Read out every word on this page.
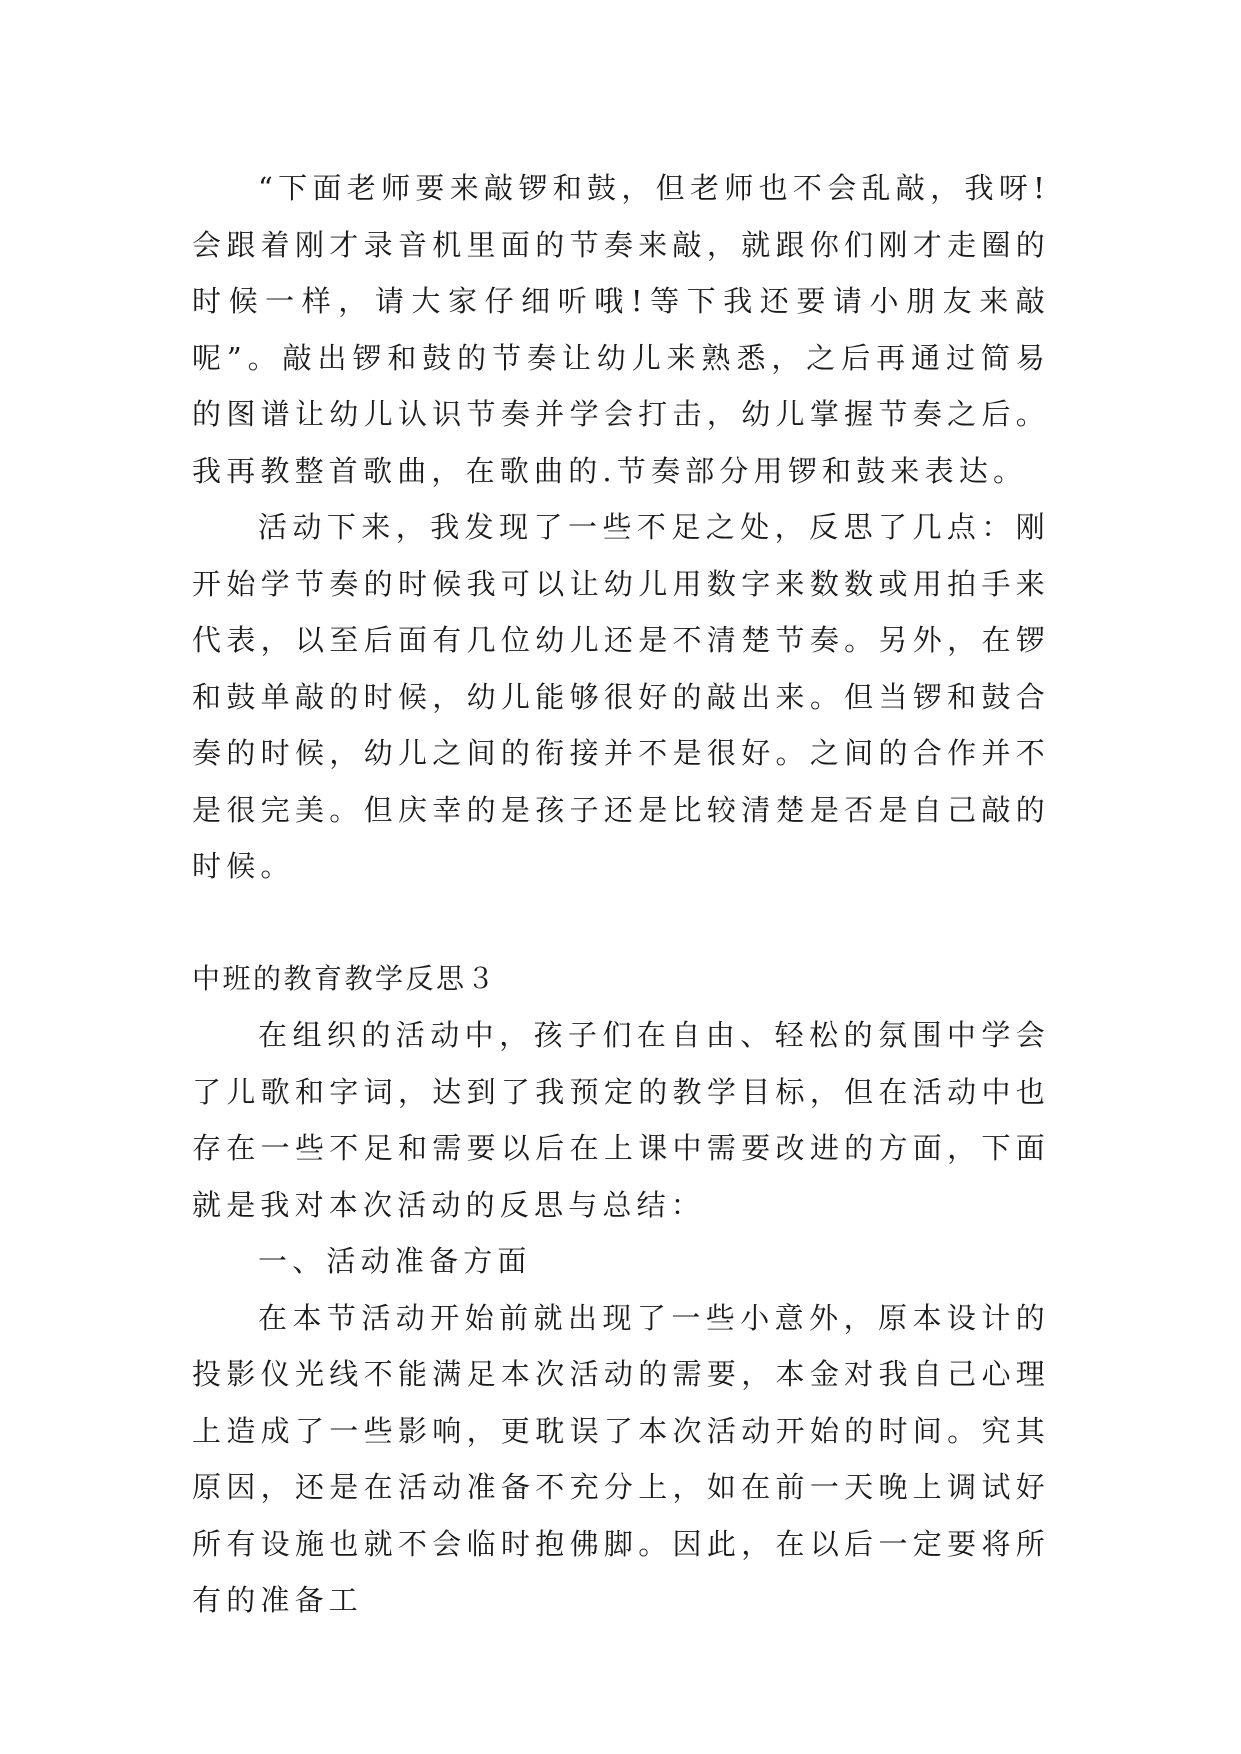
“下面老师要来敲锣和鼓，但老师也不会乱敲，我呀!会跟着刚才录音机里面的节奏来敲，就跟你们刚才走圈的时候一样，请大家仔细听哦!等下我还要请小朋友来敲呢”。敲出锣和鼓的节奏让幼儿来熟悉，之后再通过简易的图谱让幼儿认识节奏并学会打击，幼儿掌握节奏之后。我再教整首歌曲，在歌曲的.节奏部分用锣和鼓来表达。

活动下来，我发现了一些不足之处，反思了几点：刚开始学节奏的时候我可以让幼儿用数字来数数或用拍手来代表，以至后面有几位幼儿还是不清楚节奏。另外，在锣和鼓单敲的时候，幼儿能够很好的敲出来。但当锣和鼓合奏的时候，幼儿之间的衔接并不是很好。之间的合作并不是很完美。但庆幸的是孩子还是比较清楚是否是自己敲的时候。

中班的教育教学反思３

在组织的活动中，孩子们在自由、轻松的氛围中学会了儿歌和字词，达到了我预定的教学目标，但在活动中也存在一些不足和需要以后在上课中需要改进的方面，下面就是我对本次活动的反思与总结：

一、活动准备方面

在本节活动开始前就出现了一些小意外，原本设计的投影仪光线不能满足本次活动的需要，本金对我自己心理上造成了一些影响，更耽误了本次活动开始的时间。究其原因，还是在活动准备不充分上，如在前一天晚上调试好所有设施也就不会临时抱佛脚。因此，在以后一定要将所有的准备工
